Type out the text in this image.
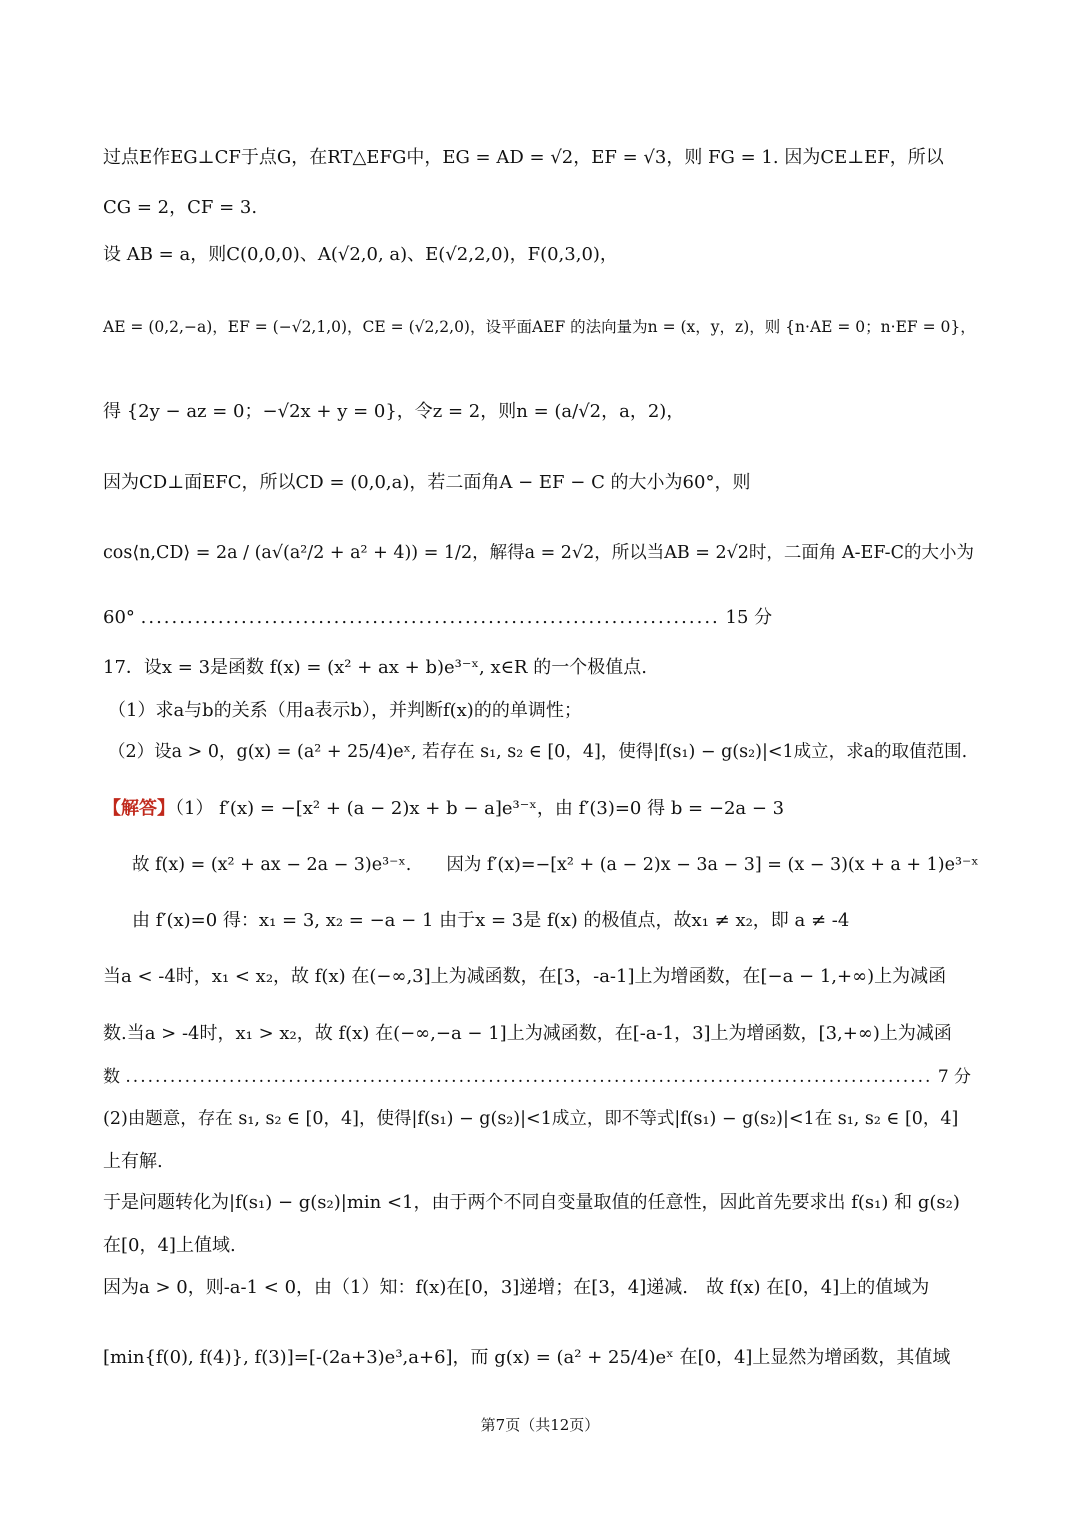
过点E作EG⊥CF于点G，在RT△EFG中，EG = AD = √2，EF = √3，则 FG = 1. 因为CE⊥EF，所以
CG = 2，CF = 3.
设 AB = a，则C(0,0,0)、A(√2,0, a)、E(√2,2,0)，F(0,3,0)，
AE = (0,2,−a)，EF = (−√2,1,0)，CE = (√2,2,0)，设平面AEF 的法向量为n = (x，y，z)，则 {n·AE = 0；n·EF = 0}，
得 {2y − az = 0；−√2x + y = 0}，令z = 2，则n = (a/√2，a，2)，
因为CD⊥面EFC，所以CD = (0,0,a)，若二面角A − EF − C 的大小为60°，则
cos⟨n,CD⟩ = 2a / (a√(a²/2 + a² + 4)) = 1/2，解得a = 2√2，所以当AB = 2√2时，二面角 A-EF-C的大小为
60° ........................................................................... 15 分
17．设x = 3是函数 f(x) = (x² + ax + b)e³⁻ˣ, x∈R 的一个极值点.
（1）求a与b的关系（用a表示b），并判断f(x)的的单调性；
（2）设a > 0，g(x) = (a² + 25/4)eˣ, 若存在 s₁, s₂ ∈ [0，4]，使得|f(s₁) − g(s₂)|<1成立，求a的取值范围.
【解答】（1） f′(x) = −[x² + (a − 2)x + b − a]e³⁻ˣ，由 f′(3)=0 得 b = −2a − 3
故 f(x) = (x² + ax − 2a − 3)e³⁻ˣ.　　因为 f′(x)=−[x² + (a − 2)x − 3a − 3] = (x − 3)(x + a + 1)e³⁻ˣ
由 f′(x)=0 得：x₁ = 3, x₂ = −a − 1 由于x = 3是 f(x) 的极值点，故x₁ ≠ x₂，即 a ≠ -4
当a < -4时，x₁ < x₂，故 f(x) 在(−∞,3]上为减函数，在[3，-a-1]上为增函数，在[−a − 1,+∞)上为减函
数.当a > -4时，x₁ > x₂，故 f(x) 在(−∞,−a − 1]上为减函数，在[-a-1，3]上为增函数，[3,+∞)上为减函
数 ............................................................................................................. 7 分
(2)由题意，存在 s₁, s₂ ∈ [0，4]，使得|f(s₁) − g(s₂)|<1成立，即不等式|f(s₁) − g(s₂)|<1在 s₁, s₂ ∈ [0，4]
上有解.
于是问题转化为|f(s₁) − g(s₂)|min <1，由于两个不同自变量取值的任意性，因此首先要求出 f(s₁) 和 g(s₂)
在[0，4]上值域.
因为a > 0，则-a-1 < 0，由（1）知：f(x)在[0，3]递增；在[3，4]递减.　故 f(x) 在[0，4]上的值域为
[min{f(0), f(4)}, f(3)]=[-(2a+3)e³,a+6]，而 g(x) = (a² + 25/4)eˣ 在[0，4]上显然为增函数，其值域
第7页（共12页）
